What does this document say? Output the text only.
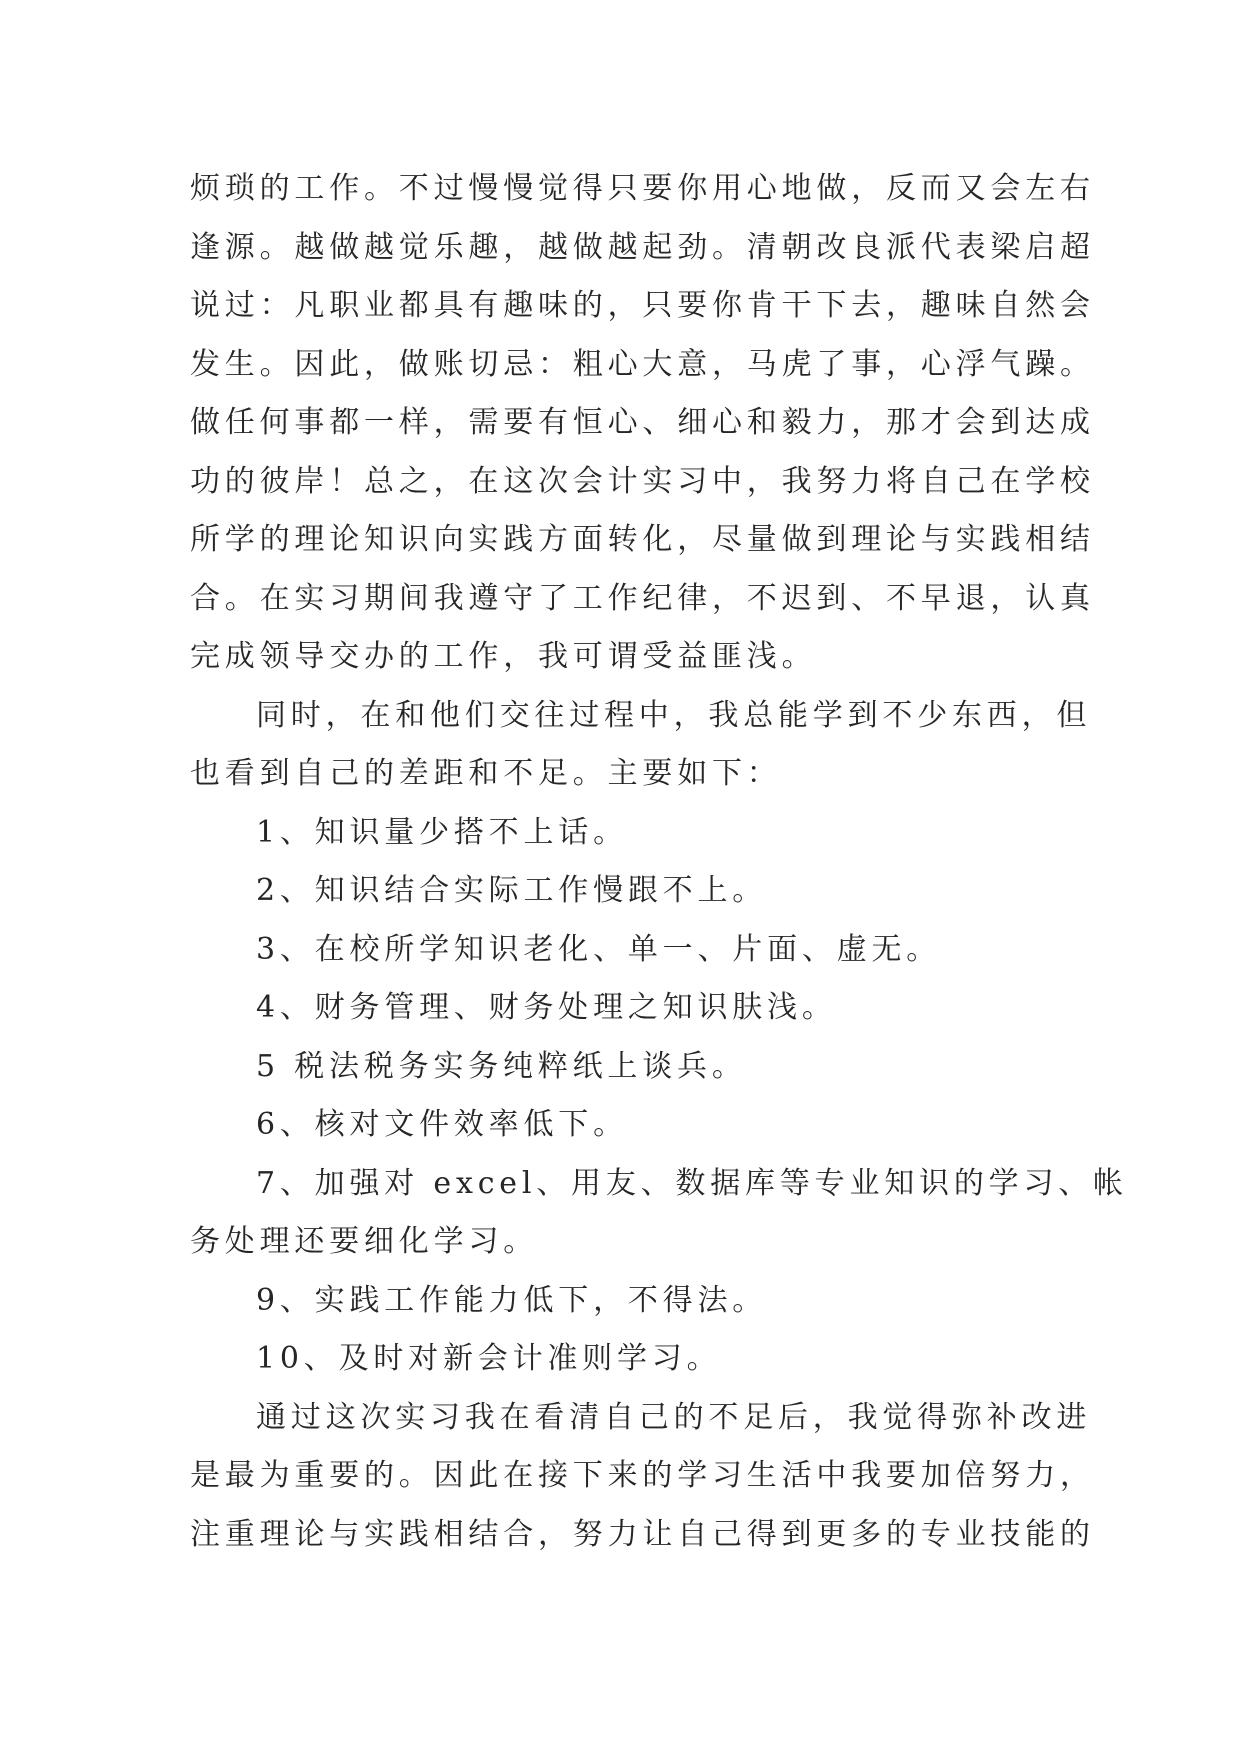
烦琐的工作。不过慢慢觉得只要你用心地做，反而又会左右
逢源。越做越觉乐趣，越做越起劲。清朝改良派代表梁启超
说过：凡职业都具有趣味的，只要你肯干下去，趣味自然会
发生。因此，做账切忌：粗心大意，马虎了事，心浮气躁。
做任何事都一样，需要有恒心、细心和毅力，那才会到达成
功的彼岸！总之，在这次会计实习中，我努力将自己在学校
所学的理论知识向实践方面转化，尽量做到理论与实践相结
合。在实习期间我遵守了工作纪律，不迟到、不早退，认真
完成领导交办的工作，我可谓受益匪浅。
同时，在和他们交往过程中，我总能学到不少东西，但
也看到自己的差距和不足。主要如下：
1、知识量少搭不上话。
2、知识结合实际工作慢跟不上。
3、在校所学知识老化、单一、片面、虚无。
4、财务管理、财务处理之知识肤浅。
5 税法税务实务纯粹纸上谈兵。
6、核对文件效率低下。
7、加强对 excel、用友、数据库等专业知识的学习、帐
务处理还要细化学习。
9、实践工作能力低下，不得法。
10、及时对新会计准则学习。
通过这次实习我在看清自己的不足后，我觉得弥补改进
是最为重要的。因此在接下来的学习生活中我要加倍努力，
注重理论与实践相结合，努力让自己得到更多的专业技能的
